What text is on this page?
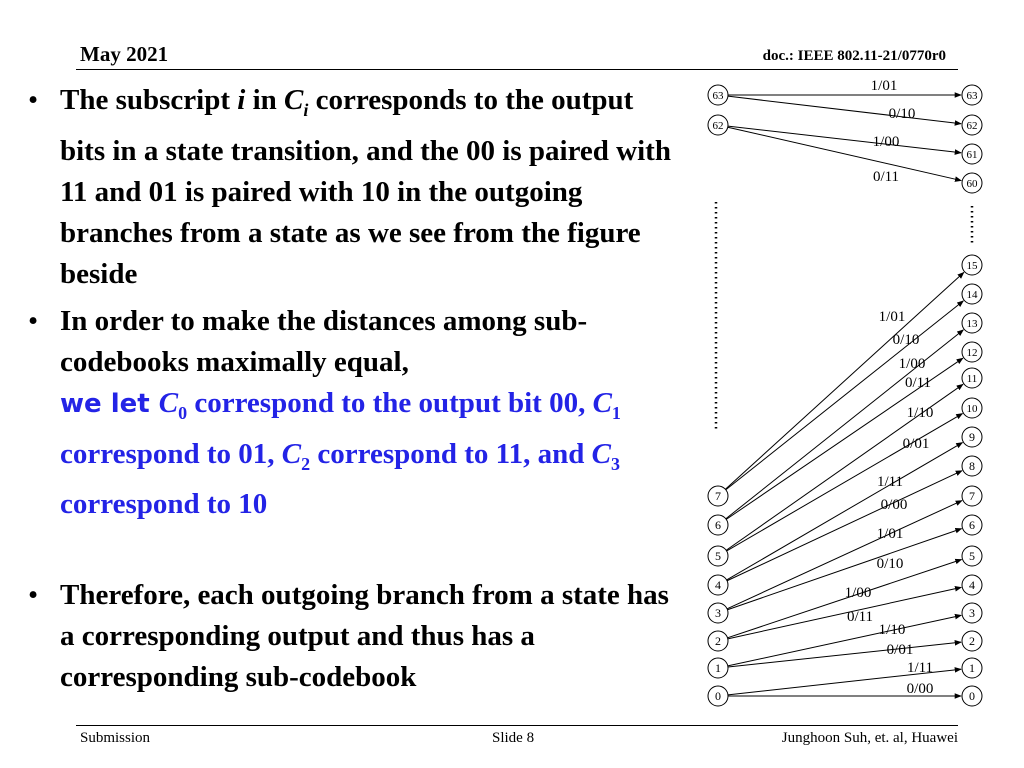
May 2021	doc.: IEEE 802.11-21/0770r0
• The subscript i in $C_i$ corresponds to the output bits in a state transition, and the 00 is paired with 11 and 01 is paired with 10 in the outgoing branches from a state as we see from the figure beside
• In order to make the distances among sub-codebooks maximally equal,
we let $C_0$ correspond to the output bit 00, $C_1$ correspond to 01, $C_2$ correspond to 11, and $C_3$ correspond to 10
• Therefore, each outgoing branch from a state has a corresponding output and thus has a corresponding sub-codebook
1/01
0/10
1/00
0/11
1/01
0/10
1/00
0/11
1/10
0/01
1/11
0/00
1/01
0/10
1/00
0/11
1/10
0/01
1/11
0/00
63
62
7
6
5
4
3
2
1
0
63
62
61
60
15
14
13
12
11
10
9
8
7
6
5
4
3
2
1
0
Submission	Slide 8	Junghoon Suh, et. al, Huawei
